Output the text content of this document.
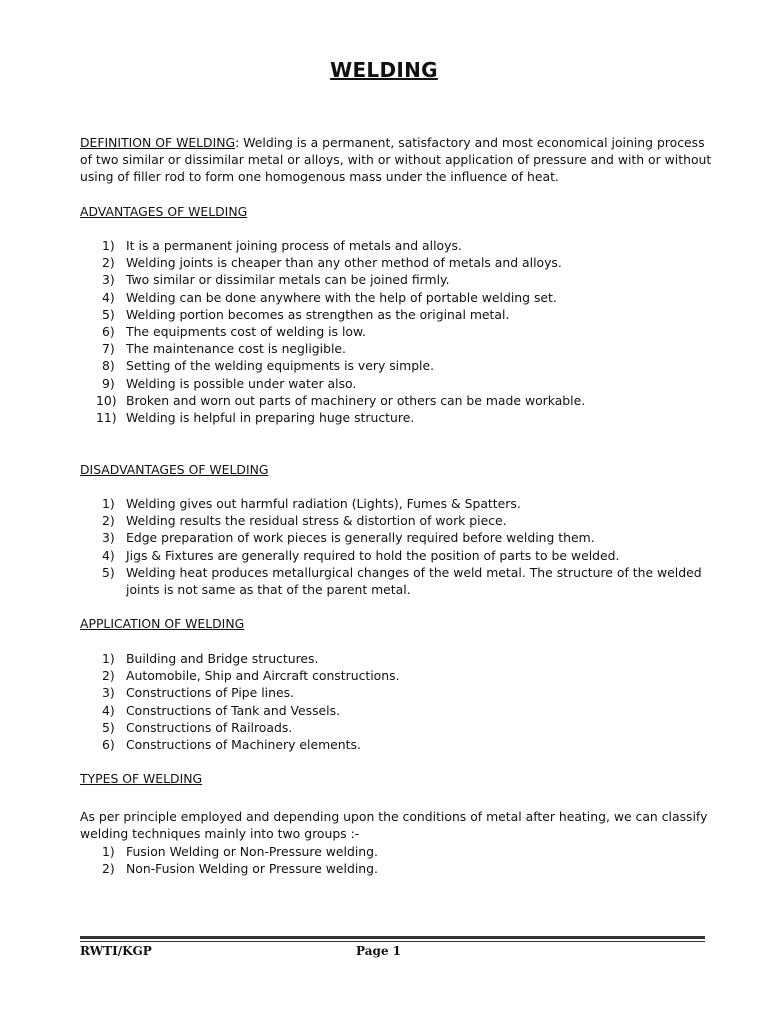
WELDING
DEFINITION OF WELDING: Welding is a permanent, satisfactory and most economical joining process of two similar or dissimilar metal or alloys, with or without application of pressure and with or without using of filler rod to form one homogenous mass under the influence of heat.
ADVANTAGES OF WELDING
1) It is a permanent joining process of metals and alloys.
2) Welding joints is cheaper than any other method of metals and alloys.
3) Two similar or dissimilar metals can be joined firmly.
4) Welding can be done anywhere with the help of portable welding set.
5) Welding portion becomes as strengthen as the original metal.
6) The equipments cost of welding is low.
7) The maintenance cost is negligible.
8) Setting of the welding equipments is very simple.
9) Welding is possible under water also.
10) Broken and worn out parts of machinery or others can be made workable.
11) Welding is helpful in preparing huge structure.
DISADVANTAGES OF WELDING
1) Welding gives out harmful radiation (Lights), Fumes & Spatters.
2) Welding results the residual stress & distortion of work piece.
3) Edge preparation of work pieces is generally required before welding them.
4) Jigs & Fixtures are generally required to hold the position of parts to be welded.
5) Welding heat produces metallurgical changes of the weld metal. The structure of the welded joints is not same as that of the parent metal.
APPLICATION OF WELDING
1) Building and Bridge structures.
2) Automobile, Ship and Aircraft constructions.
3) Constructions of Pipe lines.
4) Constructions of Tank and Vessels.
5) Constructions of Railroads.
6) Constructions of Machinery elements.
TYPES OF WELDING
As per principle employed and depending upon the conditions of metal after heating, we can classify welding techniques mainly into two groups :-
1) Fusion Welding or Non-Pressure welding.
2) Non-Fusion Welding or Pressure welding.
RWTI/KGP	Page 1
